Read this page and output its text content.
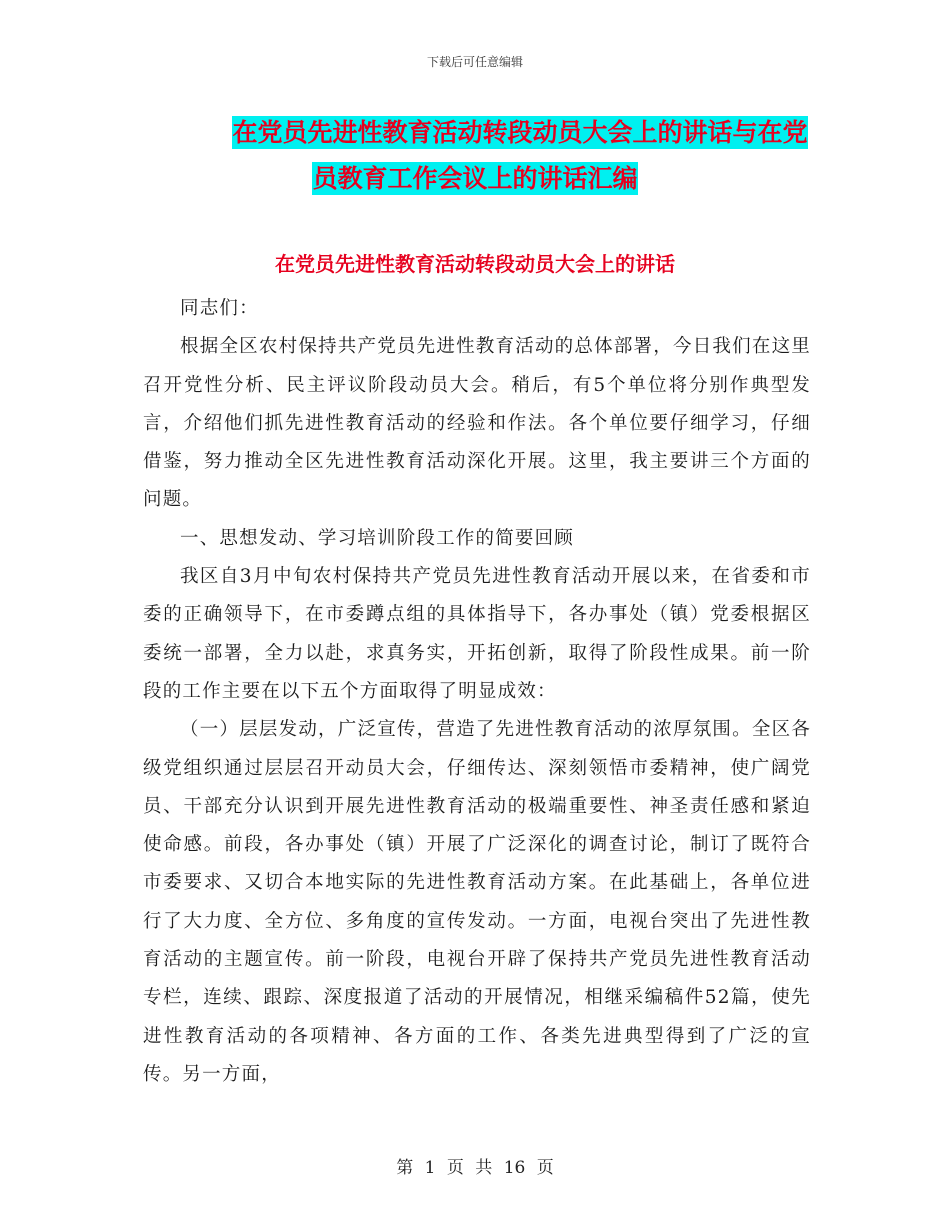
下载后可任意编辑
在党员先进性教育活动转段动员大会上的讲话与在党
员教育工作会议上的讲话汇编
在党员先进性教育活动转段动员大会上的讲话

同志们：

根据全区农村保持共产党员先进性教育活动的总体部署，今日我们在这里召开党性分析、民主评议阶段动员大会。稍后，有5个单位将分别作典型发言，介绍他们抓先进性教育活动的经验和作法。各个单位要仔细学习，仔细借鉴，努力推动全区先进性教育活动深化开展。这里，我主要讲三个方面的问题。

一、思想发动、学习培训阶段工作的简要回顾

我区自3月中旬农村保持共产党员先进性教育活动开展以来，在省委和市委的正确领导下，在市委蹲点组的具体指导下，各办事处（镇）党委根据区委统一部署，全力以赴，求真务实，开拓创新，取得了阶段性成果。前一阶段的工作主要在以下五个方面取得了明显成效：

（一）层层发动，广泛宣传，营造了先进性教育活动的浓厚氛围。全区各级党组织通过层层召开动员大会，仔细传达、深刻领悟市委精神，使广阔党员、干部充分认识到开展先进性教育活动的极端重要性、神圣责任感和紧迫使命感。前段，各办事处（镇）开展了广泛深化的调查讨论，制订了既符合市委要求、又切合本地实际的先进性教育活动方案。在此基础上，各单位进行了大力度、全方位、多角度的宣传发动。一方面，电视台突出了先进性教育活动的主题宣传。前一阶段，电视台开辟了保持共产党员先进性教育活动专栏，连续、跟踪、深度报道了活动的开展情况，相继采编稿件52篇，使先进性教育活动的各项精神、各方面的工作、各类先进典型得到了广泛的宣传。另一方面，

第 1 页 共 16 页
